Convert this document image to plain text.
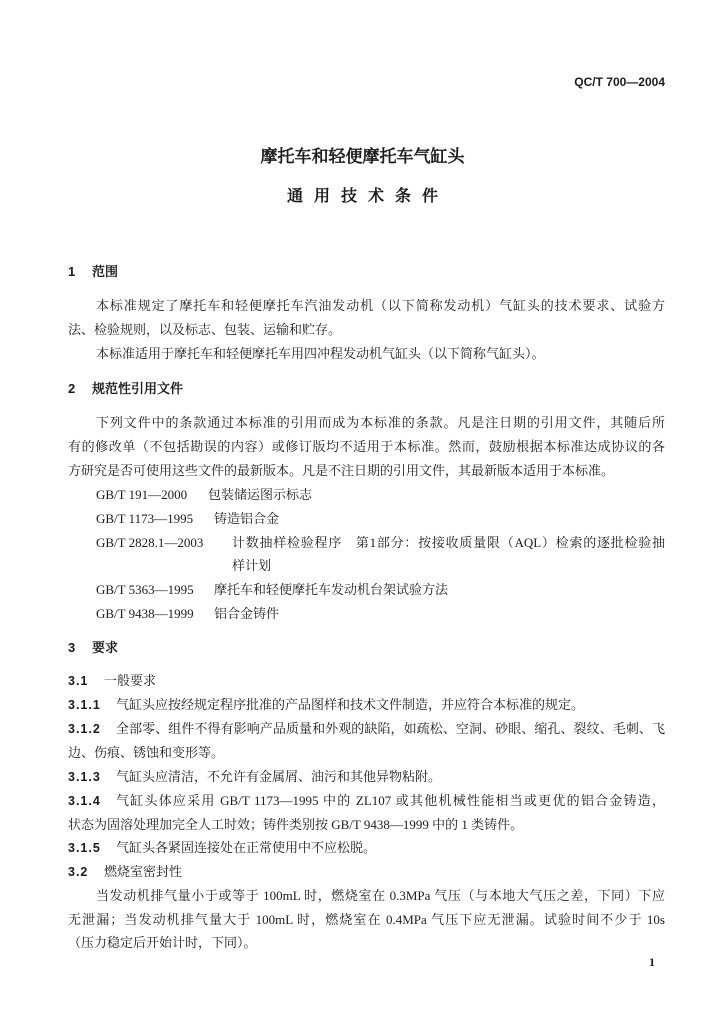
QC/T 700—2004
摩托车和轻便摩托车气缸头
通用技术条件
1 范围
本标准规定了摩托车和轻便摩托车汽油发动机（以下简称发动机）气缸头的技术要求、试验方
法、检验规则，以及标志、包装、运输和贮存。
本标准适用于摩托车和轻便摩托车用四冲程发动机气缸头（以下简称气缸头）。
2 规范性引用文件
下列文件中的条款通过本标准的引用而成为本标准的条款。凡是注日期的引用文件，其随后所
有的修改单（不包括勘误的内容）或修订版均不适用于本标准。然而，鼓励根据本标准达成协议的各
方研究是否可使用这些文件的最新版本。凡是不注日期的引用文件，其最新版本适用于本标准。
GB/T 191—2000 包装储运图示标志
GB/T 1173—1995 铸造铝合金
GB/T 2828.1—2003 计数抽样检验程序　第1部分：按接收质量限（AQL）检索的逐批检验抽
样计划
GB/T 5363—1995 摩托车和轻便摩托车发动机台架试验方法
GB/T 9438—1999 铝合金铸件
3 要求
3.1 一般要求
3.1.1 气缸头应按经规定程序批准的产品图样和技术文件制造，并应符合本标准的规定。
3.1.2 全部零、组件不得有影响产品质量和外观的缺陷，如疏松、空洞、砂眼、缩孔、裂纹、毛刺、飞
边、伤痕、锈蚀和变形等。
3.1.3 气缸头应清洁，不允许有金属屑、油污和其他异物粘附。
3.1.4 气缸头体应采用 GB/T 1173—1995 中的 ZL107 或其他机械性能相当或更优的铝合金铸造，
状态为固溶处理加完全人工时效；铸件类别按 GB/T 9438—1999 中的 1 类铸件。
3.1.5 气缸头各紧固连接处在正常使用中不应松脱。
3.2 燃烧室密封性
当发动机排气量小于或等于 100mL 时，燃烧室在 0.3MPa 气压（与本地大气压之差，下同）下应
无泄漏；当发动机排气量大于 100mL 时，燃烧室在 0.4MPa 气压下应无泄漏。试验时间不少于 10s
（压力稳定后开始计时，下同）。
1
